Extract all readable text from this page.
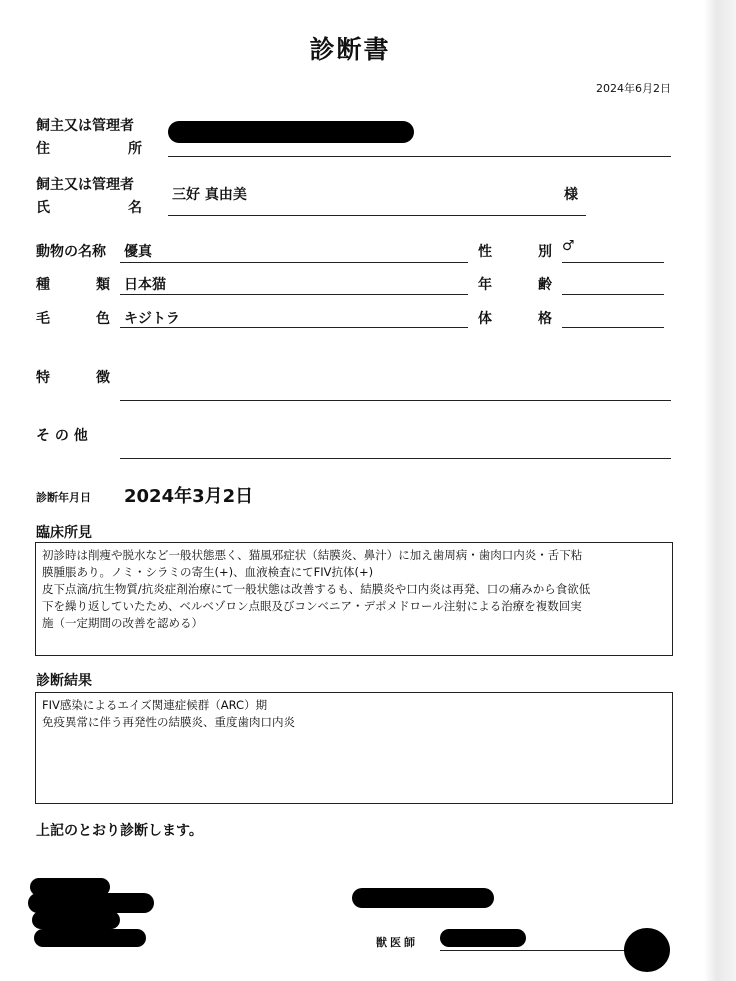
診断書
2024年6月2日
飼主又は管理者
住	所
飼主又は管理者
氏	名
三好 真由美	様
動物の名称 優真	性	別 ♂
種	類 日本猫	年	齢
毛	色 キジトラ	体	格
特	徴
そ の 他
診断年月日 2024年3月2日
臨床所見
初診時は削痩や脱水など一般状態悪く、猫風邪症状（結膜炎、鼻汁）に加え歯周病・歯肉口内炎・舌下粘
膜腫脹あり。ノミ・シラミの寄生(+)、血液検査にてFIV抗体(+)
皮下点滴/抗生物質/抗炎症剤治療にて一般状態は改善するも、結膜炎や口内炎は再発、口の痛みから食欲低
下を繰り返していたため、ベルベゾロン点眼及びコンベニア・デポメドロール注射による治療を複数回実
施（一定期間の改善を認める）
診断結果
FIV感染によるエイズ関連症候群（ARC）期
免疫異常に伴う再発性の結膜炎、重度歯肉口内炎
上記のとおり診断します。
獣医師
